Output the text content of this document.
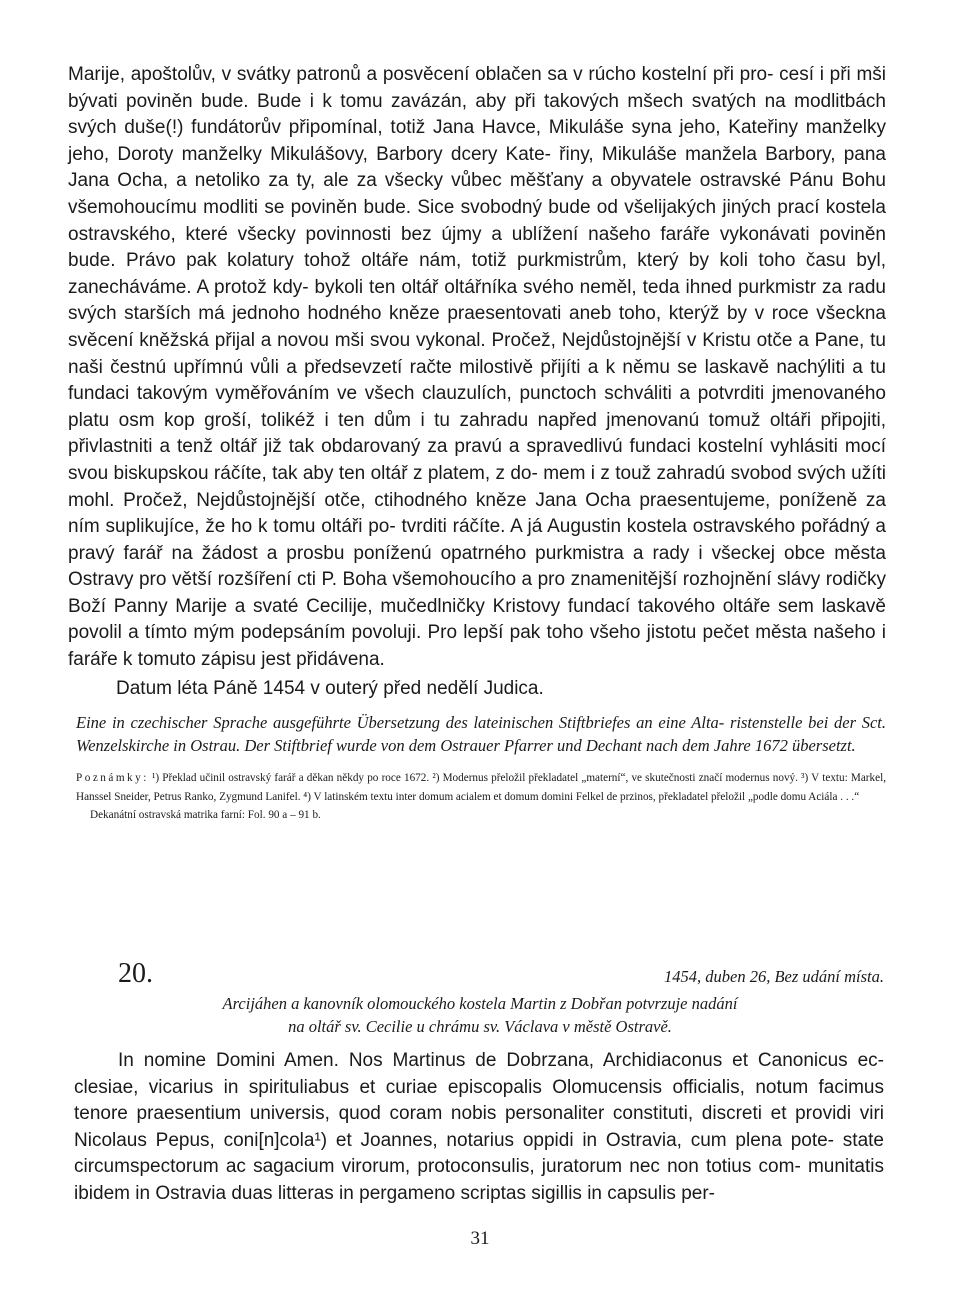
Marije, apoštolův, v svátky patronů a posvěcení oblačen sa v rúcho kostelní při pro- cesí i při mši bývati poviněn bude. Bude i k tomu zavázán, aby při takových mšech svatých na modlitbách svých duše(!) fundátorův připomínal, totiž Jana Havce, Mikuláše syna jeho, Kateřiny manželky jeho, Doroty manželky Mikulášovy, Barbory dcery Kate- řiny, Mikuláše manžela Barbory, pana Jana Ocha, a netoliko za ty, ale za všecky vůbec měšťany a obyvatele ostravské Pánu Bohu všemohoucímu modliti se poviněn bude. Sice svobodný bude od všelijakých jiných prací kostela ostravského, které všecky povinnosti bez újmy a ublížení našeho faráře vykonávati poviněn bude. Právo pak kolatury tohož oltáře nám, totiž purkmistrům, který by koli toho času byl, zanecháváme. A protož kdy- bykoli ten oltář oltářníka svého neměl, teda ihned purkmistr za radu svých starších má jednoho hodného kněze praesentovati aneb toho, kterýž by v roce všeckna svěcení kněžská přijal a novou mši svou vykonal. Pročež, Nejdůstojnější v Kristu otče a Pane, tu naši čestnú upřímnú vůli a předsevzetí račte milostivě přijíti a k němu se laskavě nachýliti a tu fundaci takovým vyměřováním ve všech clauzulích, punctoch schváliti a potvrditi jmenovaného platu osm kop groší, tolikéž i ten dům i tu zahradu napřed jmenovanú tomuž oltáři připojiti, přivlastniti a tenž oltář již tak obdarovaný za pravú a spravedlivú fundaci kostelní vyhlásiti mocí svou biskupskou ráčíte, tak aby ten oltář z platem, z do- mem i z touž zahradú svobod svých užíti mohl. Pročež, Nejdůstojnější otče, ctihodného kněze Jana Ocha praesentujeme, poníženě za ním suplikujíce, že ho k tomu oltáři po- tvrditi ráčíte. A já Augustin kostela ostravského pořádný a pravý farář na žádost a prosbu poníženú opatrného purkmistra a rady i všeckej obce města Ostravy pro větší rozšíření cti P. Boha všemohoucího a pro znamenitější rozhojnění slávy rodičky Boží Panny Marije a svaté Cecilije, mučedlničky Kristovy fundací takového oltáře sem laskavě povolil a tímto mým podepsáním povoluji. Pro lepší pak toho všeho jistotu pečet města našeho i faráře k tomuto zápisu jest přidávena.

Datum léta Páně 1454 v outerý před nedělí Judica.

Eine in czechischer Sprache ausgeführte Übersetzung des lateinischen Stiftbriefes an eine Alta- ristenstelle bei der Sct. Wenzelskirche in Ostrau. Der Stiftbrief wurde von dem Ostrauer Pfarrer und Dechant nach dem Jahre 1672 übersetzt.

Poznámky: ¹) Překlad učinil ostravský farář a děkan někdy po roce 1672. ²) Modernus přeložil překladatel „materní“, ve skutečnosti značí modernus nový. ³) V textu: Markel, Hanssel Sneider, Petrus Ranko, Zygmund Lanifel. ⁴) V latinském textu inter domum acialem et domum domini Felkel de przinos, překladatel přeložil „podle domu Aciála . . .“
Dekanátní ostravská matrika farní: Fol. 90 a – 91 b.
20.	1454, duben 26, Bez udání místa.

Arcijáhen a kanovník olomouckého kostela Martin z Dobřan potvrzuje nadání
na oltář sv. Cecilie u chrámu sv. Václava v městě Ostravě.

In nomine Domini Amen. Nos Martinus de Dobrzana, Archidiaconus et Canonicus ec- clesiae, vicarius in spirituliabus et curiae episcopalis Olomucensis officialis, notum facimus tenore praesentium universis, quod coram nobis personaliter constituti, discreti et providi viri Nicolaus Pepus, coni[n]cola¹) et Joannes, notarius oppidi in Ostravia, cum plena pote- state circumspectorum ac sagacium virorum, protoconsulis, juratorum nec non totius com- munitatis ibidem in Ostravia duas litteras in pergameno scriptas sigillis in capsulis per-

31
